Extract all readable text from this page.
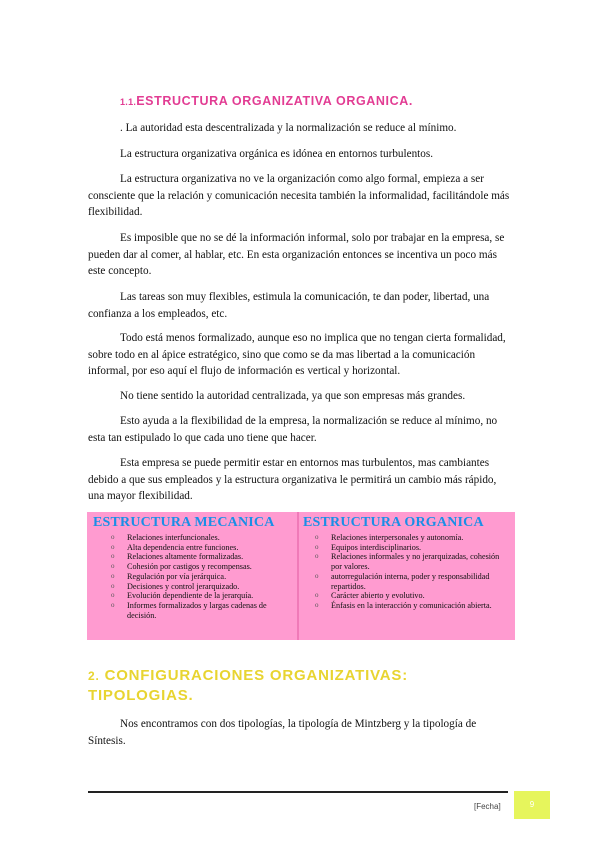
1.1.ESTRUCTURA ORGANIZATIVA ORGANICA.

. La autoridad esta descentralizada y la normalización se reduce al mínimo.

La estructura organizativa orgánica es idónea en entornos turbulentos.

La estructura organizativa no ve la organización como algo formal, empieza a ser consciente que la relación y comunicación necesita también la informalidad, facilitándole más flexibilidad.

Es imposible que no se dé la información informal, solo por trabajar en la empresa, se pueden dar al comer, al hablar, etc. En esta organización entonces se incentiva un poco más este concepto.

Las tareas son muy flexibles, estimula la comunicación, te dan poder, libertad, una confianza a los empleados, etc.

Todo está menos formalizado, aunque eso no implica que no tengan cierta formalidad, sobre todo en al ápice estratégico, sino que como se da mas libertad a la comunicación informal, por eso aquí el flujo de información es vertical y horizontal.

No tiene sentido la autoridad centralizada, ya que son empresas más grandes.

Esto ayuda a la flexibilidad de la empresa, la normalización se reduce al mínimo, no esta tan estipulado lo que cada uno tiene que hacer.

Esta empresa se puede permitir estar en entornos mas turbulentos, mas cambiantes debido a que sus empleados y la estructura organizativa le permitirá un cambio más rápido, una mayor flexibilidad.

ESTRUCTURA MECANICA
o Relaciones interfuncionales.
o Alta dependencia entre funciones.
o Relaciones altamente formalizadas.
o Cohesión por castigos y recompensas.
o Regulación por vía jerárquica.
o Decisiones y control jerarquizado.
o Evolución dependiente de la jerarquía.
o Informes formalizados y largas cadenas de decisión.
ESTRUCTURA ORGANICA
o Relaciones interpersonales y autonomía.
o Equipos interdisciplinarios.
o Relaciones informales y no jerarquizadas, cohesión por valores.
o autorregulación interna, poder y responsabilidad repartidos.
o Carácter abierto y evolutivo.
o Énfasis en la interacción y comunicación abierta.
2. CONFIGURACIONES ORGANIZATIVAS: TIPOLOGIAS.

Nos encontramos con dos tipologías, la tipología de Mintzberg y la tipología de Síntesis.

[Fecha]	9
